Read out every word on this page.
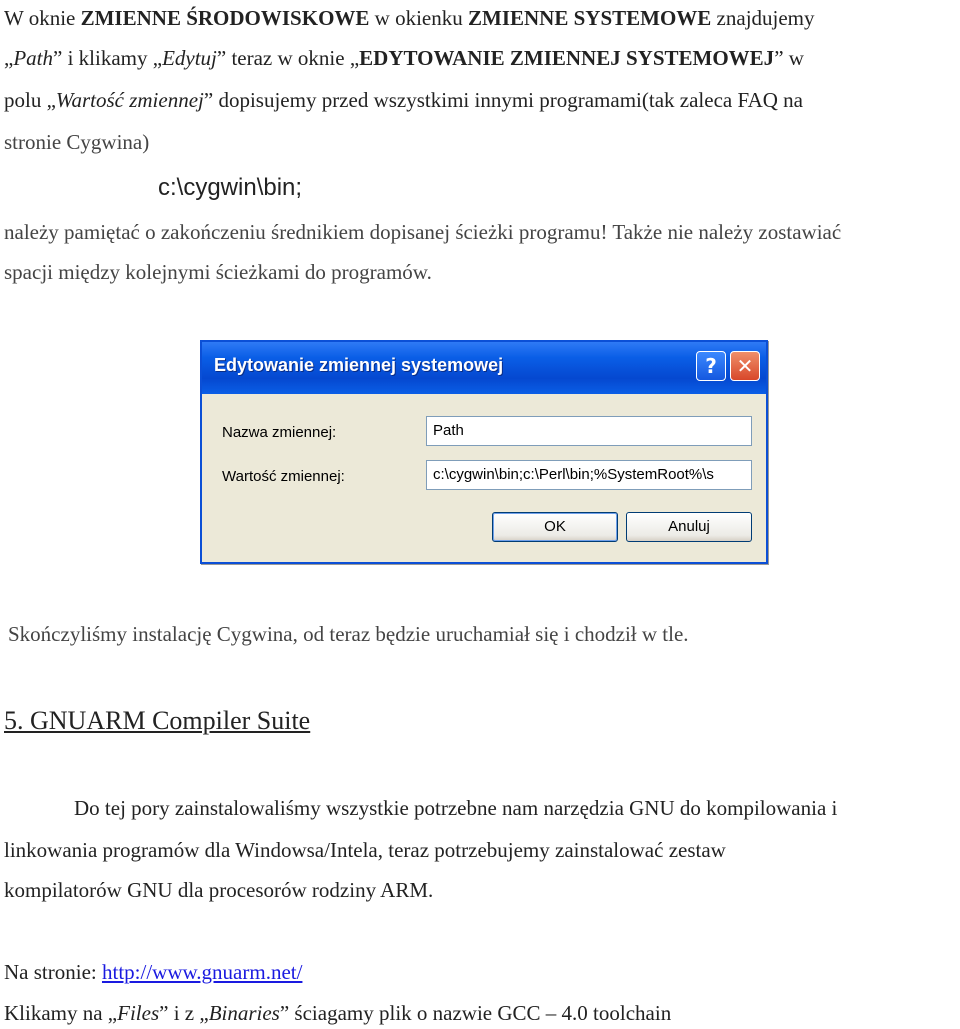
W oknie ZMIENNE ŚRODOWISKOWE w okienku ZMIENNE SYSTEMOWE znajdujemy
„Path” i klikamy „Edytuj” teraz w oknie „EDYTOWANIE ZMIENNEJ SYSTEMOWEJ” w
polu „Wartość zmiennej” dopisujemy przed wszystkimi innymi programami(tak zaleca FAQ na
stronie Cygwina)
c:\cygwin\bin;
należy pamiętać o zakończeniu średnikiem dopisanej ścieżki programu! Także nie należy zostawiać
spacji między kolejnymi ścieżkami do programów.
Edytowanie zmiennej systemowej	? ✕
Nazwa zmiennej:	Path
Wartość zmiennej:	c:\cygwin\bin;c:\Perl\bin;%SystemRoot%\s
OK	Anuluj
Skończyliśmy instalację Cygwina, od teraz będzie uruchamiał się i chodził w tle.
5. GNUARM Compiler Suite
Do tej pory zainstalowaliśmy wszystkie potrzebne nam narzędzia GNU do kompilowania i
linkowania programów dla Windowsa/Intela, teraz potrzebujemy zainstalować zestaw
kompilatorów GNU dla procesorów rodziny ARM.
Na stronie: http://www.gnuarm.net/
Klikamy na „Files” i z „Binaries” ściagamy plik o nazwie GCC – 4.0 toolchain
